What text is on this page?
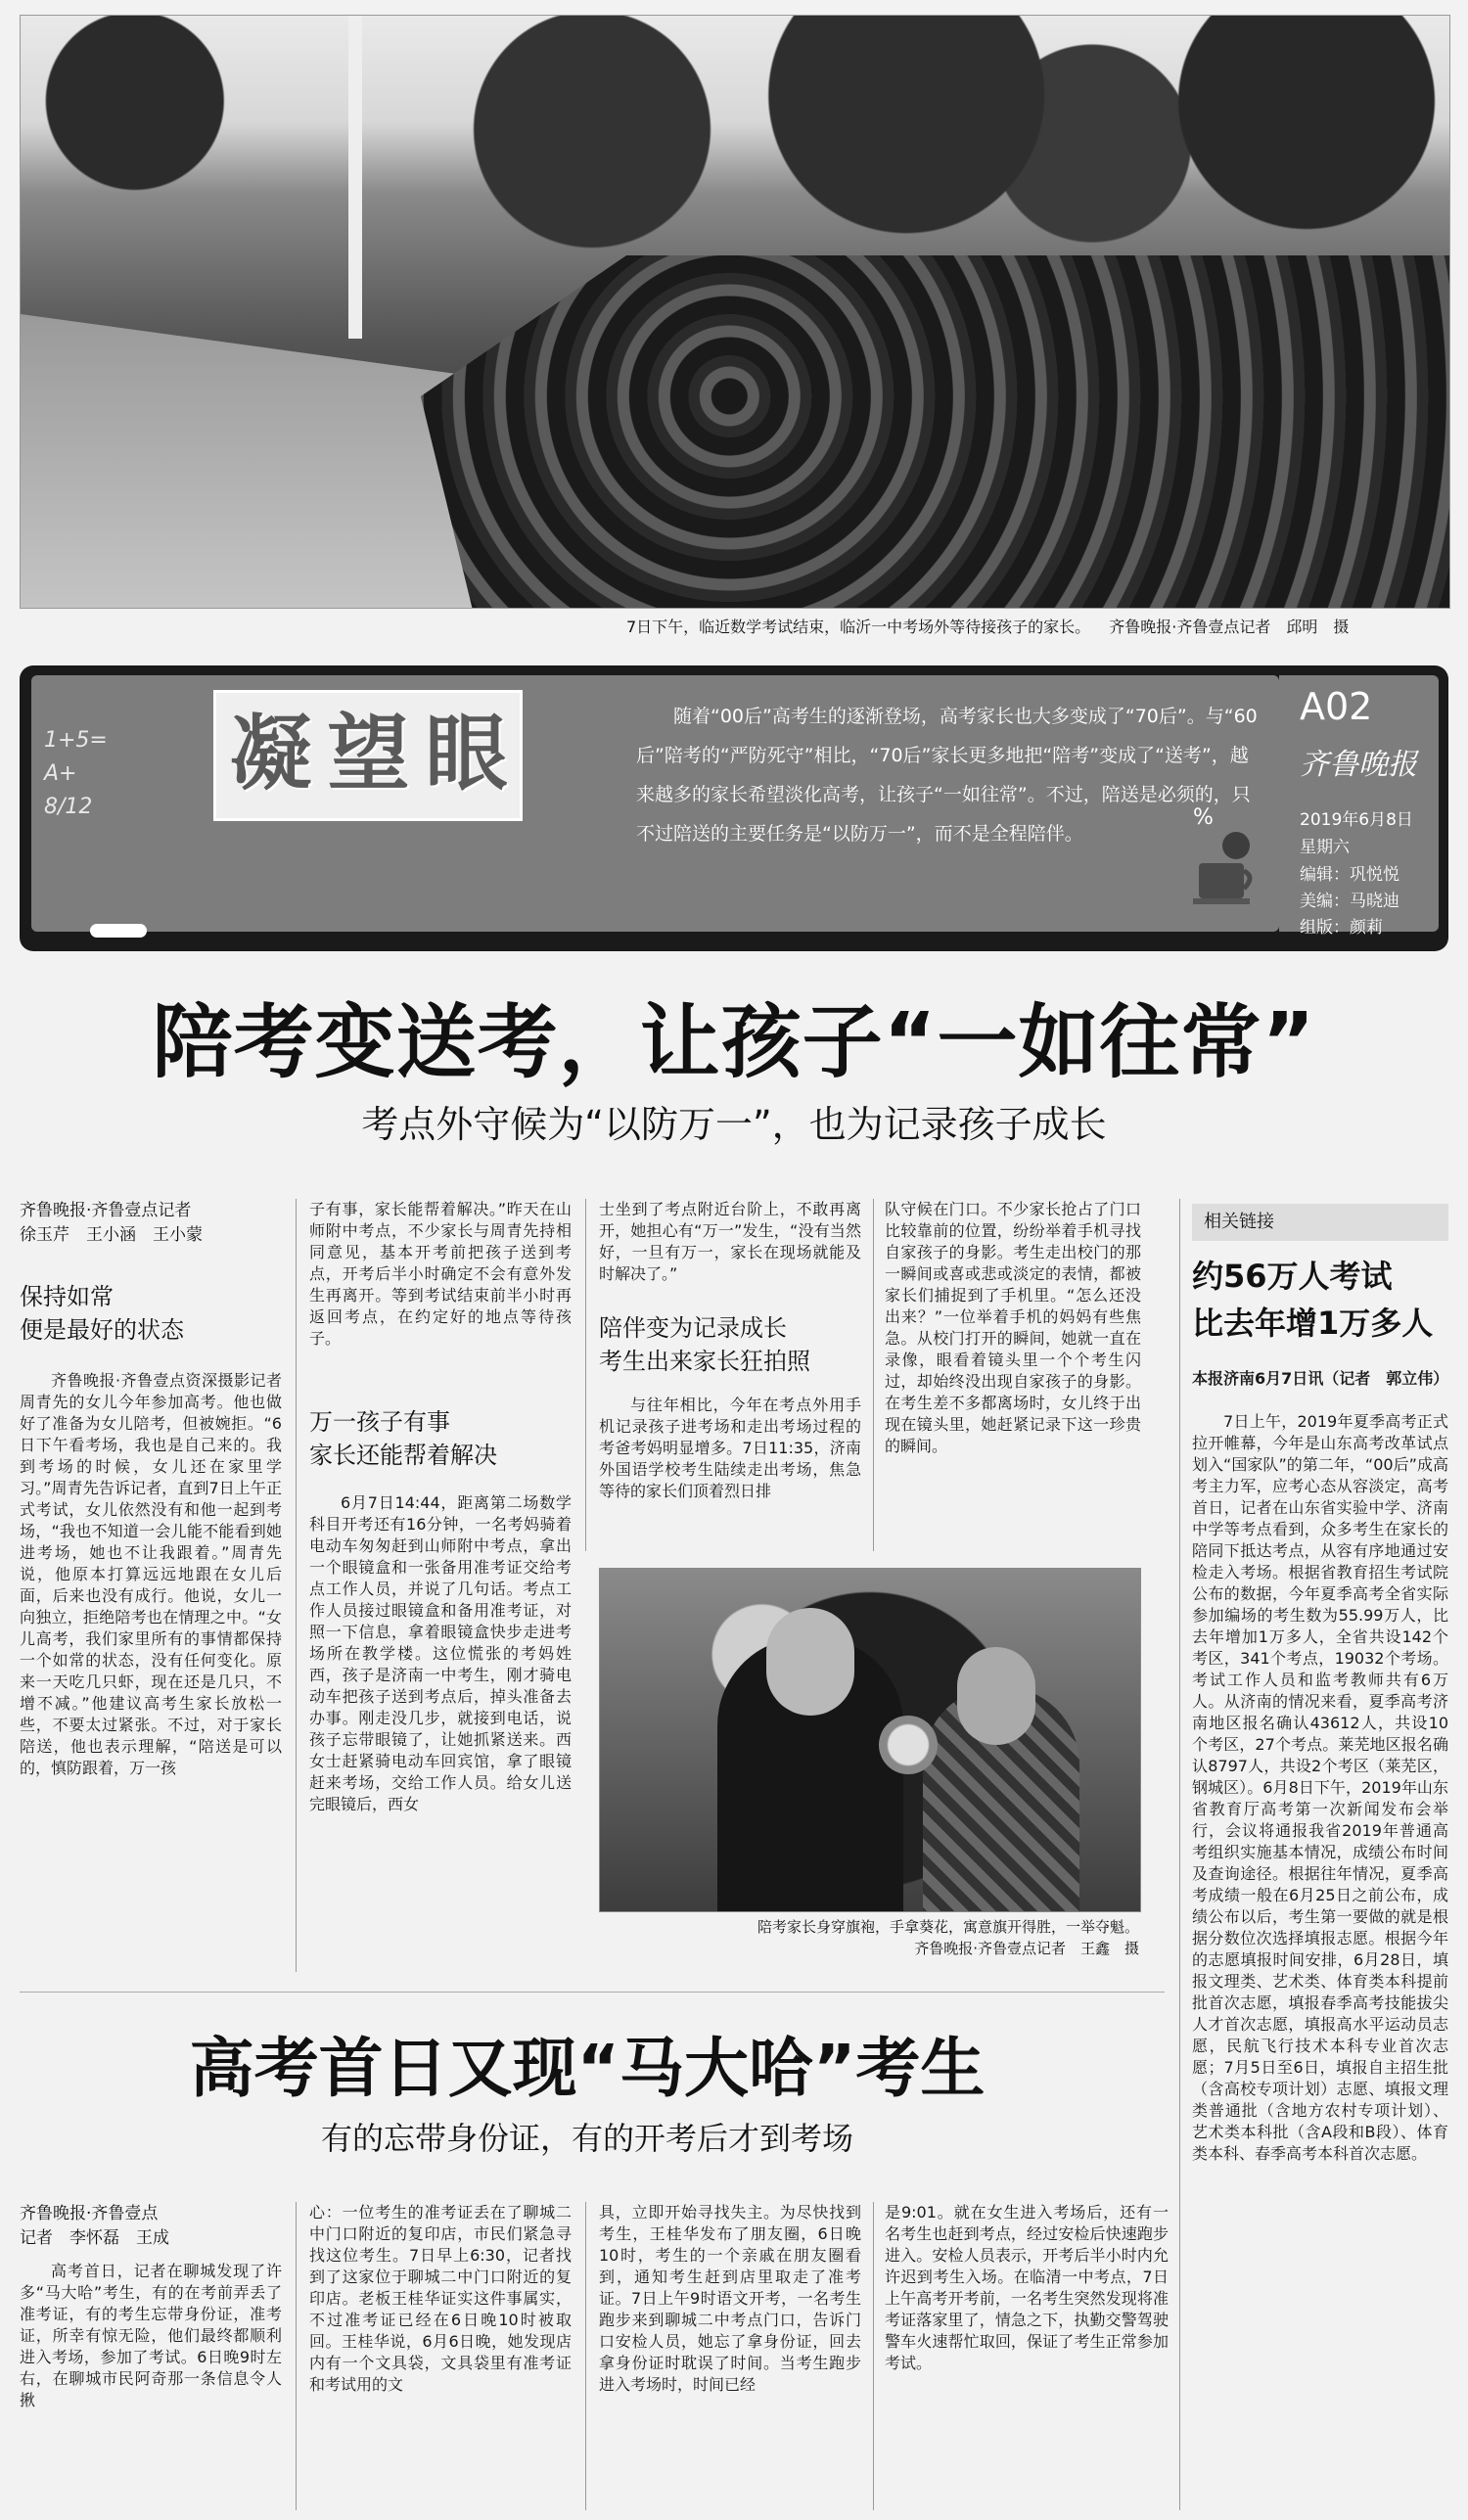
7日下午，临近数学考试结束，临沂一中考场外等待接孩子的家长。 齐鲁晚报·齐鲁壹点记者　邱明　摄
1+5=
A+
8/12
凝 望 眼	随着“00后”高考生的逐渐登场，高考家长也大多变成了“70后”。与“60后”陪考的“严防死守”相比，“70后”家长更多地把“陪考”变成了“送考”，越来越多的家长希望淡化高考，让孩子“一如往常”。不过，陪送是必须的，只不过陪送的主要任务是“以防万一”，而不是全程陪伴。
A02
齐鲁晚报
2019年6月8日
星期六
编辑：巩悦悦
美编：马晓迪
组版：颜莉
%
陪考变送考，让孩子“一如往常”
考点外守候为“以防万一”，也为记录孩子成长
齐鲁晚报·齐鲁壹点记者
徐玉芹　王小涵　王小蒙
保持如常
便是最好的状态
齐鲁晚报·齐鲁壹点资深摄影记者周青先的女儿今年参加高考。他也做好了准备为女儿陪考，但被婉拒。“6日下午看考场，我也是自己来的。我到考场的时候，女儿还在家里学习。”周青先告诉记者，直到7日上午正式考试，女儿依然没有和他一起到考场，“我也不知道一会儿能不能看到她进考场，她也不让我跟着。”周青先说，他原本打算远远地跟在女儿后面，后来也没有成行。他说，女儿一向独立，拒绝陪考也在情理之中。“女儿高考，我们家里所有的事情都保持一个如常的状态，没有任何变化。原来一天吃几只虾，现在还是几只，不增不减。”他建议高考生家长放松一些，不要太过紧张。不过，对于家长陪送，他也表示理解，“陪送是可以的，慎防跟着，万一孩
子有事，家长能帮着解决。”昨天在山师附中考点，不少家长与周青先持相同意见，基本开考前把孩子送到考点，开考后半小时确定不会有意外发生再离开。等到考试结束前半小时再返回考点，在约定好的地点等待孩子。
万一孩子有事
家长还能帮着解决
6月7日14:44，距离第二场数学科目开考还有16分钟，一名考妈骑着电动车匆匆赶到山师附中考点，拿出一个眼镜盒和一张备用准考证交给考点工作人员，并说了几句话。考点工作人员接过眼镜盒和备用准考证，对照一下信息，拿着眼镜盒快步走进考场所在教学楼。这位慌张的考妈姓西，孩子是济南一中考生，刚才骑电动车把孩子送到考点后，掉头准备去办事。刚走没几步，就接到电话，说孩子忘带眼镜了，让她抓紧送来。西女士赶紧骑电动车回宾馆，拿了眼镜赶来考场，交给工作人员。给女儿送完眼镜后，西女
士坐到了考点附近台阶上，不敢再离开，她担心有“万一”发生，“没有当然好，一旦有万一，家长在现场就能及时解决了。”
陪伴变为记录成长
考生出来家长狂拍照
与往年相比，今年在考点外用手机记录孩子进考场和走出考场过程的考爸考妈明显增多。7日11:35，济南外国语学校考生陆续走出考场，焦急等待的家长们顶着烈日排
队守候在门口。不少家长抢占了门口比较靠前的位置，纷纷举着手机寻找自家孩子的身影。考生走出校门的那一瞬间或喜或悲或淡定的表情，都被家长们捕捉到了手机里。“怎么还没出来？”一位举着手机的妈妈有些焦急。从校门打开的瞬间，她就一直在录像，眼看着镜头里一个个考生闪过，却始终没出现自家孩子的身影。在考生差不多都离场时，女儿终于出现在镜头里，她赶紧记录下这一珍贵的瞬间。
陪考家长身穿旗袍，手拿葵花，寓意旗开得胜，一举夺魁。
齐鲁晚报·齐鲁壹点记者　王鑫　摄
相关链接
约56万人考试
比去年增1万多人
本报济南6月7日讯（记者　郭立伟）
7日上午，2019年夏季高考正式拉开帷幕，今年是山东高考改革试点划入“国家队”的第二年，“00后”成高考主力军，应考心态从容淡定，高考首日，记者在山东省实验中学、济南中学等考点看到，众多考生在家长的陪同下抵达考点，从容有序地通过安检走入考场。根据省教育招生考试院公布的数据，今年夏季高考全省实际参加编场的考生数为55.99万人，比去年增加1万多人，全省共设142个考区，341个考点，19032个考场。考试工作人员和监考教师共有6万人。从济南的情况来看，夏季高考济南地区报名确认43612人，共设10个考区，27个考点。莱芜地区报名确认8797人，共设2个考区（莱芜区，钢城区）。6月8日下午，2019年山东省教育厅高考第一次新闻发布会举行，会议将通报我省2019年普通高考组织实施基本情况，成绩公布时间及查询途径。根据往年情况，夏季高考成绩一般在6月25日之前公布，成绩公布以后，考生第一要做的就是根据分数位次选择填报志愿。根据今年的志愿填报时间安排，6月28日，填报文理类、艺术类、体育类本科提前批首次志愿，填报春季高考技能拔尖人才首次志愿，填报高水平运动员志愿，民航飞行技术本科专业首次志愿；7月5日至6日，填报自主招生批（含高校专项计划）志愿、填报文理类普通批（含地方农村专项计划）、艺术类本科批（含A段和B段）、体育类本科、春季高考本科首次志愿。
高考首日又现“马大哈”考生
有的忘带身份证，有的开考后才到考场
齐鲁晚报·齐鲁壹点
记者　李怀磊　王成
高考首日，记者在聊城发现了许多“马大哈”考生，有的在考前弄丢了准考证，有的考生忘带身份证，准考证，所幸有惊无险，他们最终都顺利进入考场，参加了考试。6日晚9时左右，在聊城市民阿奇那一条信息令人揪
心：一位考生的准考证丢在了聊城二中门口附近的复印店，市民们紧急寻找这位考生。7日早上6:30，记者找到了这家位于聊城二中门口附近的复印店。老板王桂华证实这件事属实，不过准考证已经在6日晚10时被取回。王桂华说，6月6日晚，她发现店内有一个文具袋，文具袋里有准考证和考试用的文
具，立即开始寻找失主。为尽快找到考生，王桂华发布了朋友圈，6日晚10时，考生的一个亲戚在朋友圈看到，通知考生赶到店里取走了准考证。7日上午9时语文开考，一名考生跑步来到聊城二中考点门口，告诉门口安检人员，她忘了拿身份证，回去拿身份证时耽误了时间。当考生跑步进入考场时，时间已经
是9:01。就在女生进入考场后，还有一名考生也赶到考点，经过安检后快速跑步进入。安检人员表示，开考后半小时内允许迟到考生入场。在临清一中考点，7日上午高考开考前，一名考生突然发现将准考证落家里了，情急之下，执勤交警驾驶警车火速帮忙取回，保证了考生正常参加考试。
